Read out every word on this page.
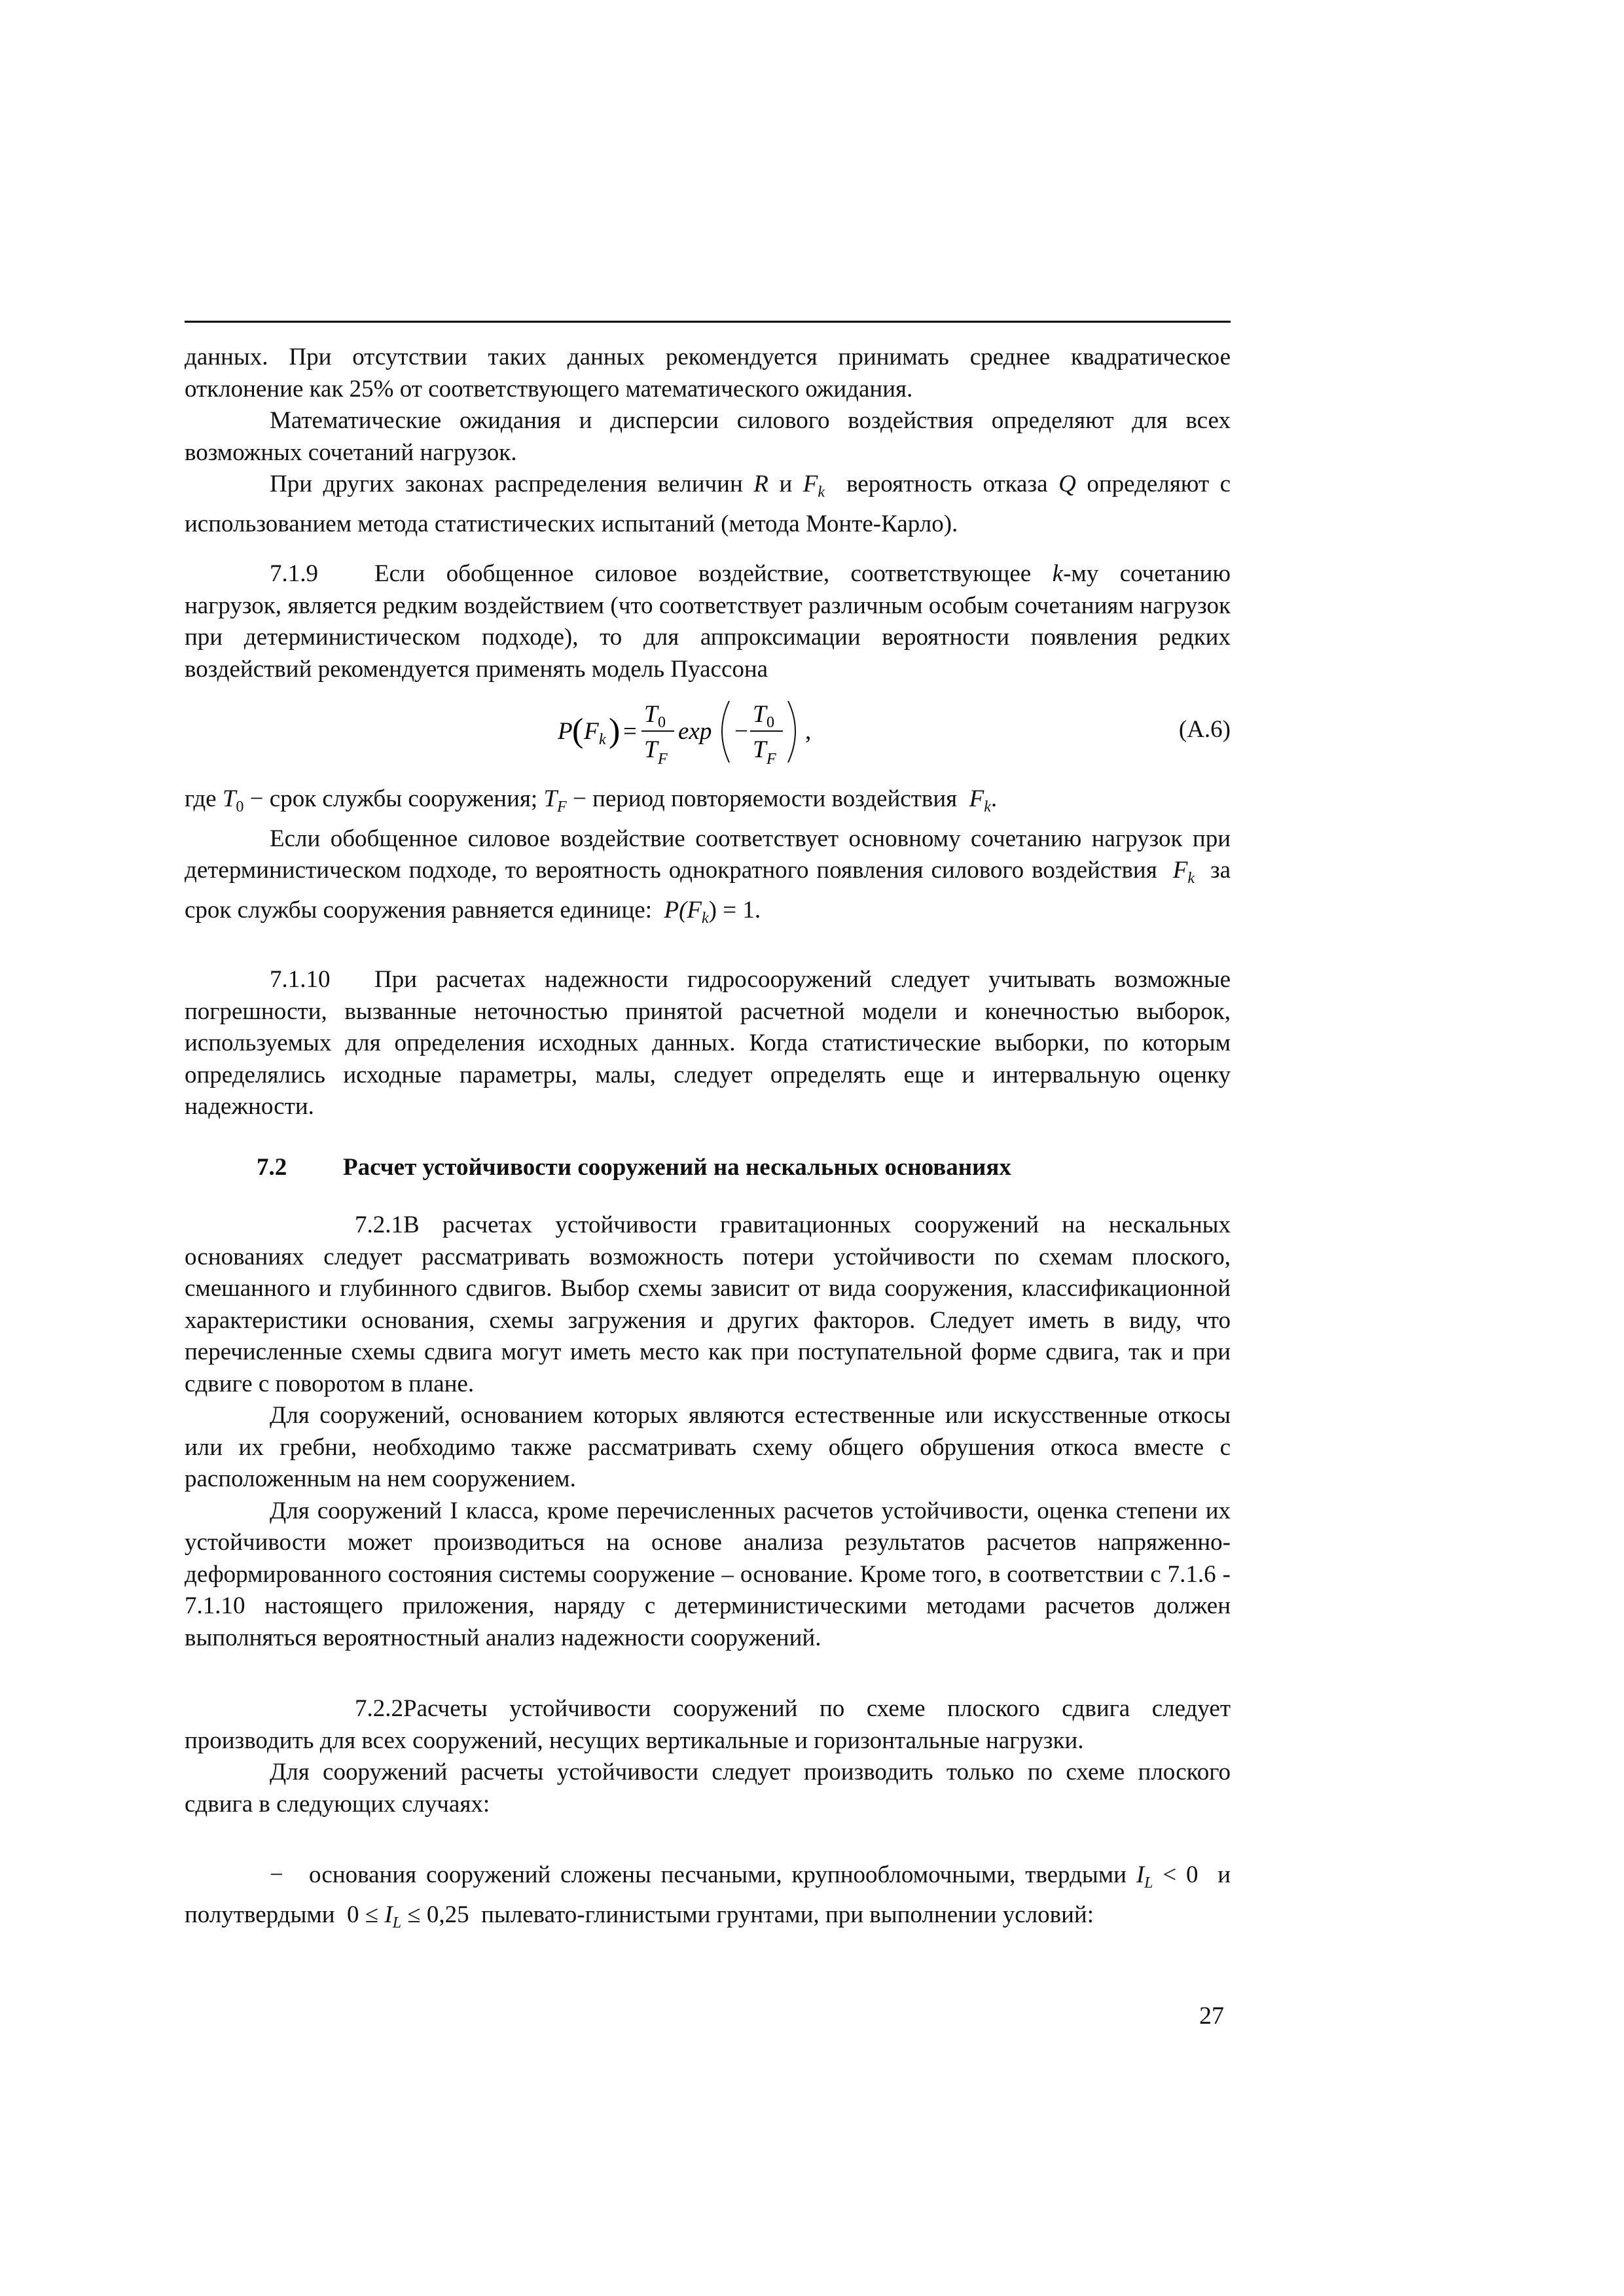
данных. При отсутствии таких данных рекомендуется принимать среднее квадратическое отклонение как 25% от соответствующего математического ожидания.

Математические ожидания и дисперсии силового воздействия определяют для всех возможных сочетаний нагрузок.

При других законах распределения величин R и $F_k$ вероятность отказа Q определяют с использованием метода статистических испытаний (метода Монте-Карло).

7.1.9 Если обобщенное силовое воздействие, соответствующее k-му сочетанию нагрузок, является редким воздействием (что соответствует различным особым сочетаниям нагрузок при детерминистическом подходе), то для аппроксимации вероятности появления редких воздействий рекомендуется применять модель Пуассона

P ( F k ) =
T 0
T F
exp −
T 0
T F
,	(А.6)

где $T_0$ − срок службы сооружения; $T_F$ − период повторяемости воздействия $F_k$.

Если обобщенное силовое воздействие соответствует основному сочетанию нагрузок при детерминистическом подходе, то вероятность однократного появления силового воздействия $F_k$ за срок службы сооружения равняется единице: $P(F_k) = 1$.

7.1.10 При расчетах надежности гидросооружений следует учитывать возможные погрешности, вызванные неточностью принятой расчетной модели и конечностью выборок, используемых для определения исходных данных. Когда статистические выборки, по которым определялись исходные параметры, малы, следует определять еще и интервальную оценку надежности.

7.2 Расчет устойчивости сооружений на нескальных основаниях

7.2.1В расчетах устойчивости гравитационных сооружений на нескальных основаниях следует рассматривать возможность потери устойчивости по схемам плоского, смешанного и глубинного сдвигов. Выбор схемы зависит от вида сооружения, классификационной характеристики основания, схемы загружения и других факторов. Следует иметь в виду, что перечисленные схемы сдвига могут иметь место как при поступательной форме сдвига, так и при сдвиге с поворотом в плане.

Для сооружений, основанием которых являются естественные или искусственные откосы или их гребни, необходимо также рассматривать схему общего обрушения откоса вместе с расположенным на нем сооружением.

Для сооружений I класса, кроме перечисленных расчетов устойчивости, оценка степени их устойчивости может производиться на основе анализа результатов расчетов напряженно-деформированного состояния системы сооружение – основание. Кроме того, в соответствии с 7.1.6 - 7.1.10 настоящего приложения, наряду с детерминистическими методами расчетов должен выполняться вероятностный анализ надежности сооружений.

7.2.2Расчеты устойчивости сооружений по схеме плоского сдвига следует производить для всех сооружений, несущих вертикальные и горизонтальные нагрузки.

Для сооружений расчеты устойчивости следует производить только по схеме плоского сдвига в следующих случаях:

− основания сооружений сложены песчаными, крупнообломочными, твердыми $I_L < 0$ и полутвердыми $0 \le I_L \le 0,25$ пылевато-глинистыми грунтами, при выполнении условий:

27
